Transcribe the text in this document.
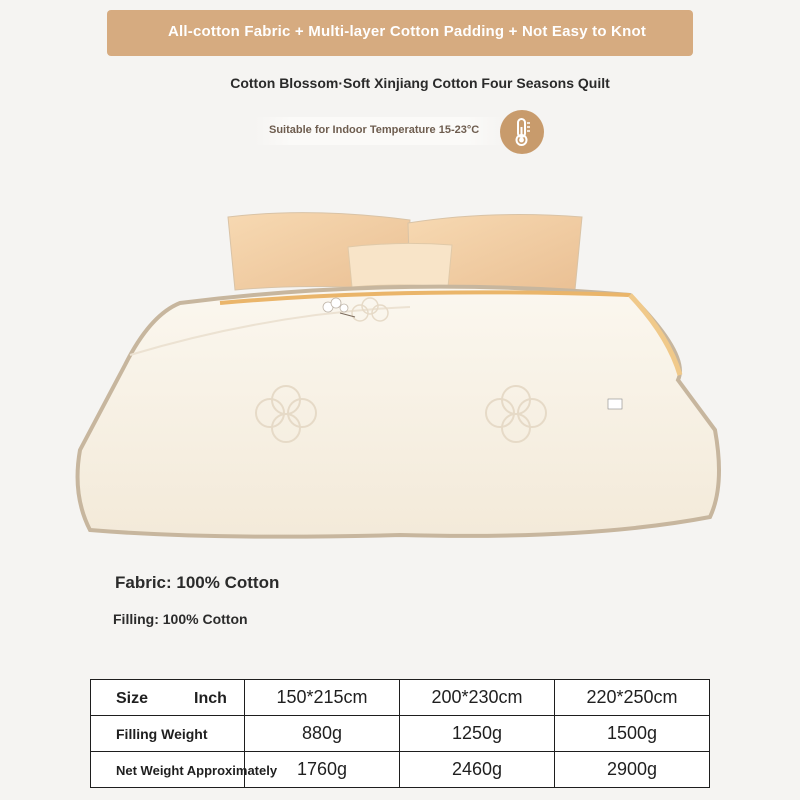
All-cotton Fabric + Multi-layer Cotton Padding + Not Easy to Knot
Cotton Blossom·Soft Xinjiang Cotton Four Seasons Quilt
Suitable for Indoor Temperature 15-23°C
Fabric: 100% Cotton
Filling: 100% Cotton
Size Inch	150*215cm	200*230cm	220*250cm

Filling Weight	880g	1250g	1500g

Net Weight Approximately	1760g	2460g	2900g
